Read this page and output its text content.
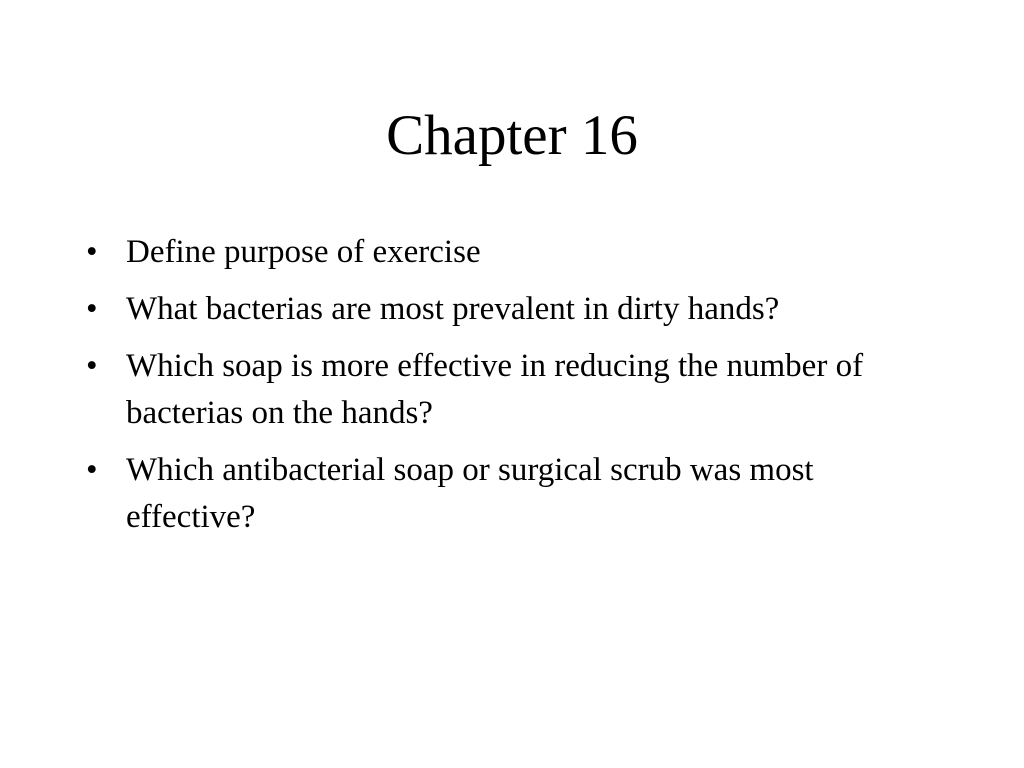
Chapter 16
• Define purpose of exercise
• What bacterias are most prevalent in dirty hands?
• Which soap is more effective in reducing the number of bacterias on the hands?
• Which antibacterial soap or surgical scrub was most effective?
